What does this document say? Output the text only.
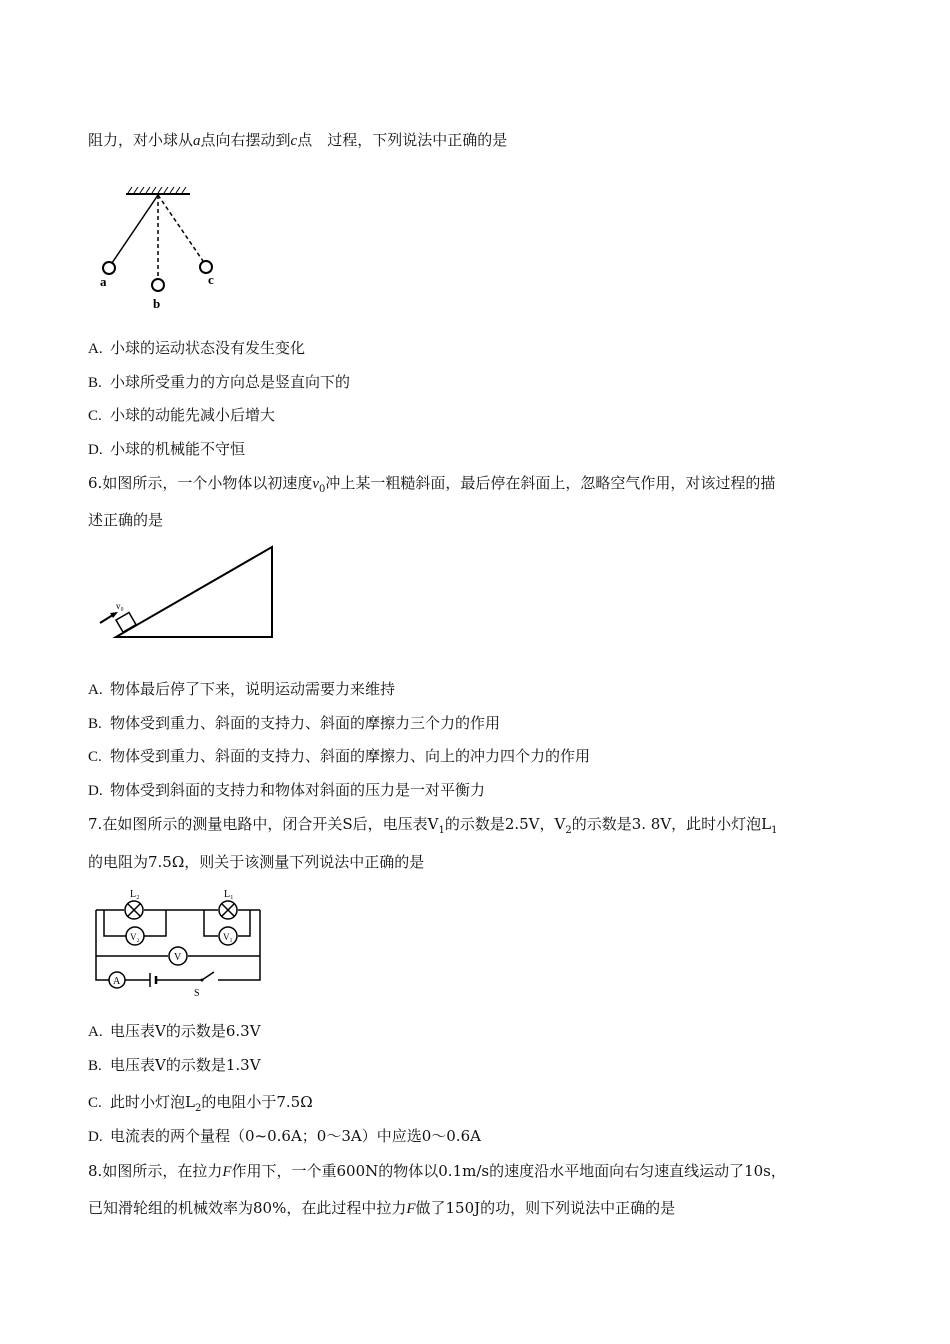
阻力，对小球从a点向右摆动到c点　过程，下列说法中正确的是
a
b
c
A. 小球的运动状态没有发生变化
B. 小球所受重力的方向总是竖直向下的
C. 小球的动能先减小后增大
D. 小球的机械能不守恒
6.如图所示，一个小物体以初速度$v_0$冲上某一粗糙斜面，最后停在斜面上，忽略空气作用，对该过程的描
述正确的是
v₀
A. 物体最后停了下来，说明运动需要力来维持
B. 物体受到重力、斜面的支持力、斜面的摩擦力三个力的作用
C. 物体受到重力、斜面的支持力、斜面的摩擦力、向上的冲力四个力的作用
D. 物体受到斜面的支持力和物体对斜面的压力是一对平衡力
7.在如图所示的测量电路中，闭合开关S后，电压表$V_1$的示数是2.5V，$V_2$的示数是3. 8V，此时小灯泡$L_1$
的电阻为7.5Ω，则关于该测量下列说法中正确的是
L₂	L₁
V₂	V₁
V
A
S
A. 电压表V的示数是6.3V
B. 电压表V的示数是1.3V
C. 此时小灯泡$L_2$的电阻小于7.5Ω
D. 电流表的两个量程（0~0.6A；0～3A）中应选0～0.6A
8.如图所示，在拉力F作用下，一个重600N的物体以0.1m/s的速度沿水平地面向右匀速直线运动了10s，
已知滑轮组的机械效率为80%，在此过程中拉力F做了150J的功，则下列说法中正确的是
